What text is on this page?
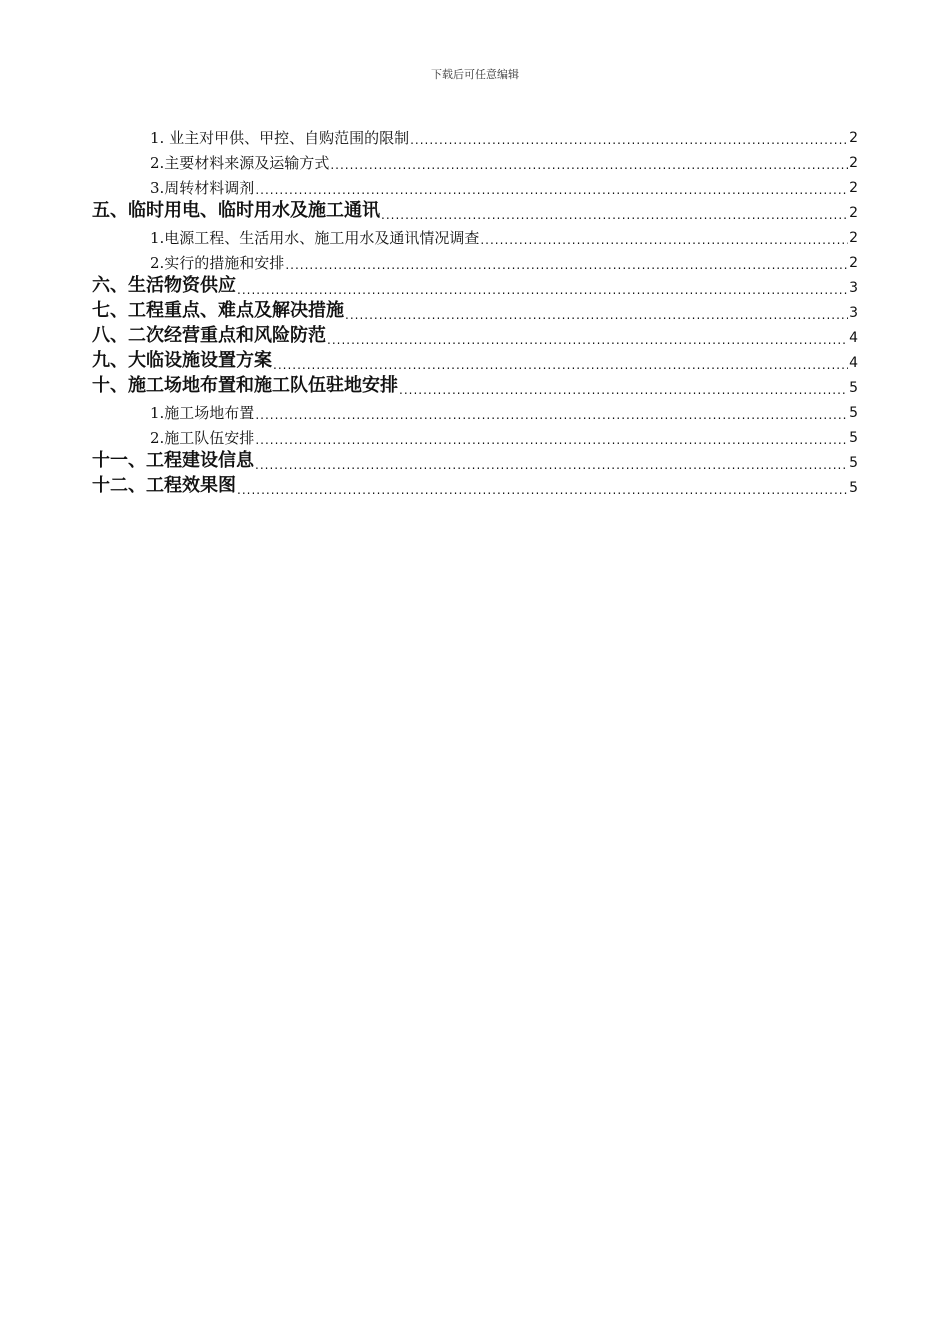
下载后可任意编辑
1. 业主对甲供、甲控、自购范围的限制 .....	2
2.主要材料来源及运输方式 .....	2
3.周转材料调剂 .....	2
五、临时用电、临时用水及施工通讯 .....	2
1.电源工程、生活用水、施工用水及通讯情况调查 .....	2
2.实行的措施和安排 .....	2
六、生活物资供应 .....	3
七、工程重点、难点及解决措施 .....	3
八、二次经营重点和风险防范 .....	4
九、大临设施设置方案 .....	4
十、施工场地布置和施工队伍驻地安排 .....	5
1.施工场地布置 .....	5
2.施工队伍安排 .....	5
十一、工程建设信息 .....	5
十二、工程效果图 .....	5
